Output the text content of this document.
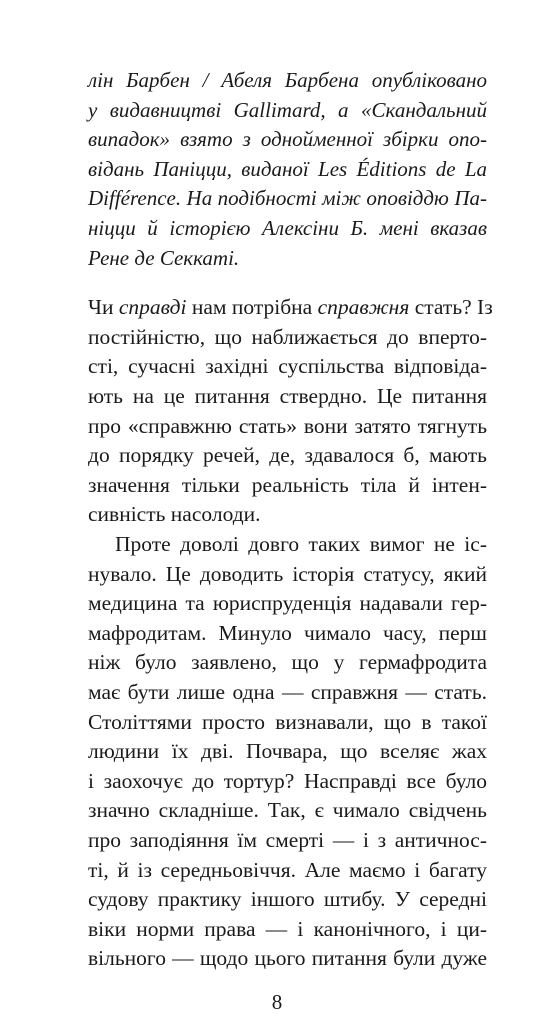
лін Барбен / Абеля Барбена опубліковано
у видавництві Gallimard, а «Скандальний
випадок» взято з однойменної збірки опо-
відань Паніцци, виданої Les Éditions de La
Différence. На подібності між оповіддю Па-
ніцци й історією Алексіни Б. мені вказав
Рене де Секкаті.
Чи справді нам потрібна справжня стать? Із
постійністю, що наближається до вперто-
сті, сучасні західні суспільства відповіда-
ють на це питання ствердно. Це питання
про «справжню стать» вони затято тягнуть
до порядку речей, де, здавалося б, мають
значення тільки реальність тіла й інтен-
сивність насолоди.
Проте доволі довго таких вимог не іс-
нувало. Це доводить історія статусу, який
медицина та юриспруденція надавали гер-
мафродитам. Минуло чимало часу, перш
ніж було заявлено, що у гермафродита
має бути лише одна — справжня — стать.
Століттями просто визнавали, що в такої
людини їх дві. Почвара, що вселяє жах
і заохочує до тортур? Насправді все було
значно складніше. Так, є чимало свідчень
про заподіяння їм смерті — і з античнос-
ті, й із середньовіччя. Але маємо і багату
судову практику іншого штибу. У середні
віки норми права — і канонічного, і ци-
вільного — щодо цього питання були дуже
8
